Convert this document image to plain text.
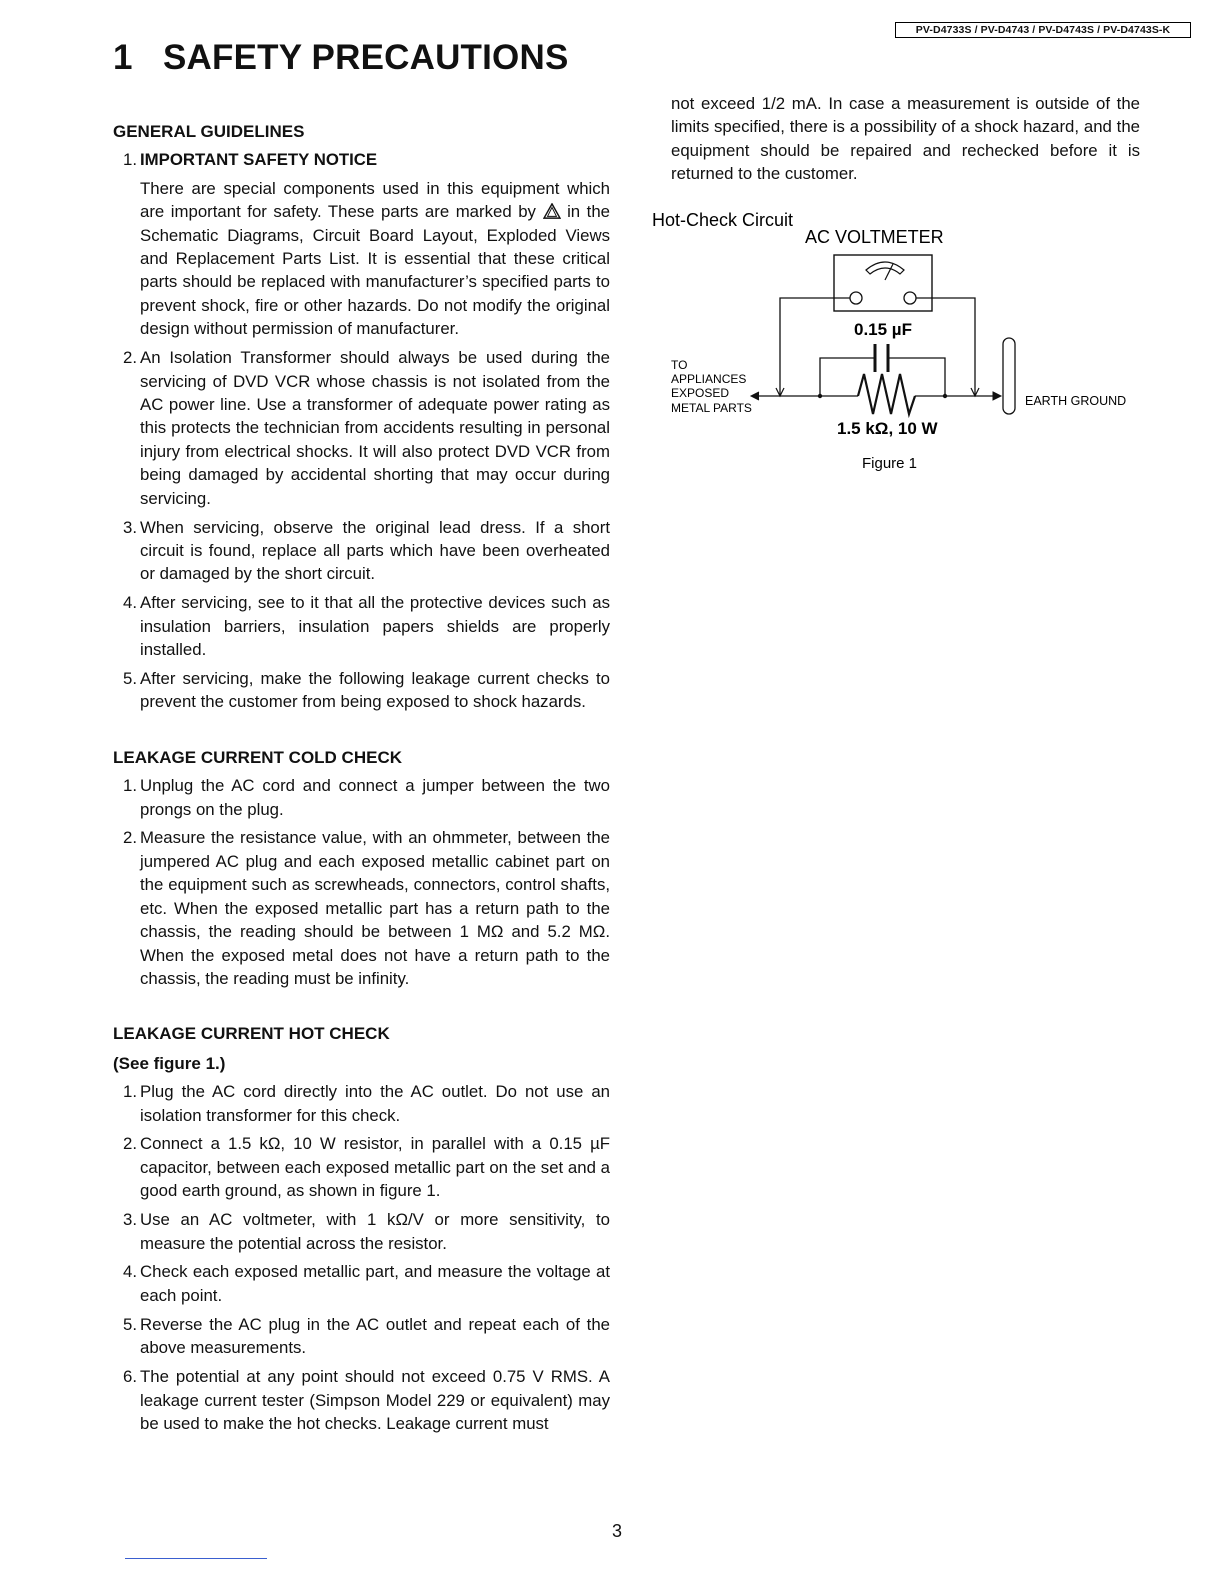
PV-D4733S / PV-D4743 / PV-D4743S / PV-D4743S-K
1 SAFETY PRECAUTIONS

GENERAL GUIDELINES

1. IMPORTANT SAFETY NOTICE
There are special components used in this equipment which are important for safety. These parts are marked by in the Schematic Diagrams, Circuit Board Layout, Exploded Views and Replacement Parts List. It is essential that these critical parts should be replaced with manufacturer’s specified parts to prevent shock, fire or other hazards. Do not modify the original design without permission of manufacturer.
2. An Isolation Transformer should always be used during the servicing of DVD VCR whose chassis is not isolated from the AC power line. Use a transformer of adequate power rating as this protects the technician from accidents resulting in personal injury from electrical shocks. It will also protect DVD VCR from being damaged by accidental shorting that may occur during servicing.
3. When servicing, observe the original lead dress. If a short circuit is found, replace all parts which have been overheated or damaged by the short circuit.
4. After servicing, see to it that all the protective devices such as insulation barriers, insulation papers shields are properly installed.
5. After servicing, make the following leakage current checks to prevent the customer from being exposed to shock hazards.

LEAKAGE CURRENT COLD CHECK

1. Unplug the AC cord and connect a jumper between the two prongs on the plug.
2. Measure the resistance value, with an ohmmeter, between the jumpered AC plug and each exposed metallic cabinet part on the equipment such as screwheads, connectors, control shafts, etc. When the exposed metallic part has a return path to the chassis, the reading should be between 1 MΩ and 5.2 MΩ. When the exposed metal does not have a return path to the chassis, the reading must be infinity.

LEAKAGE CURRENT HOT CHECK

(See figure 1.)

1. Plug the AC cord directly into the AC outlet. Do not use an isolation transformer for this check.
2. Connect a 1.5 kΩ, 10 W resistor, in parallel with a 0.15 µF capacitor, between each exposed metallic part on the set and a good earth ground, as shown in figure 1.
3. Use an AC voltmeter, with 1 kΩ/V or more sensitivity, to measure the potential across the resistor.
4. Check each exposed metallic part, and measure the voltage at each point.
5. Reverse the AC plug in the AC outlet and repeat each of the above measurements.
6. The potential at any point should not exceed 0.75 V RMS. A leakage current tester (Simpson Model 229 or equivalent) may be used to make the hot checks. Leakage current must

not exceed 1/2 mA. In case a measurement is outside of the limits specified, there is a possibility of a shock hazard, and the equipment should be repaired and rechecked before it is returned to the customer.

Hot-Check Circuit
AC VOLTMETER
0.15 µF
1.5 kΩ, 10 W
TO
APPLIANCES
EXPOSED
METAL PARTS	EARTH GROUND
Figure 1
3
